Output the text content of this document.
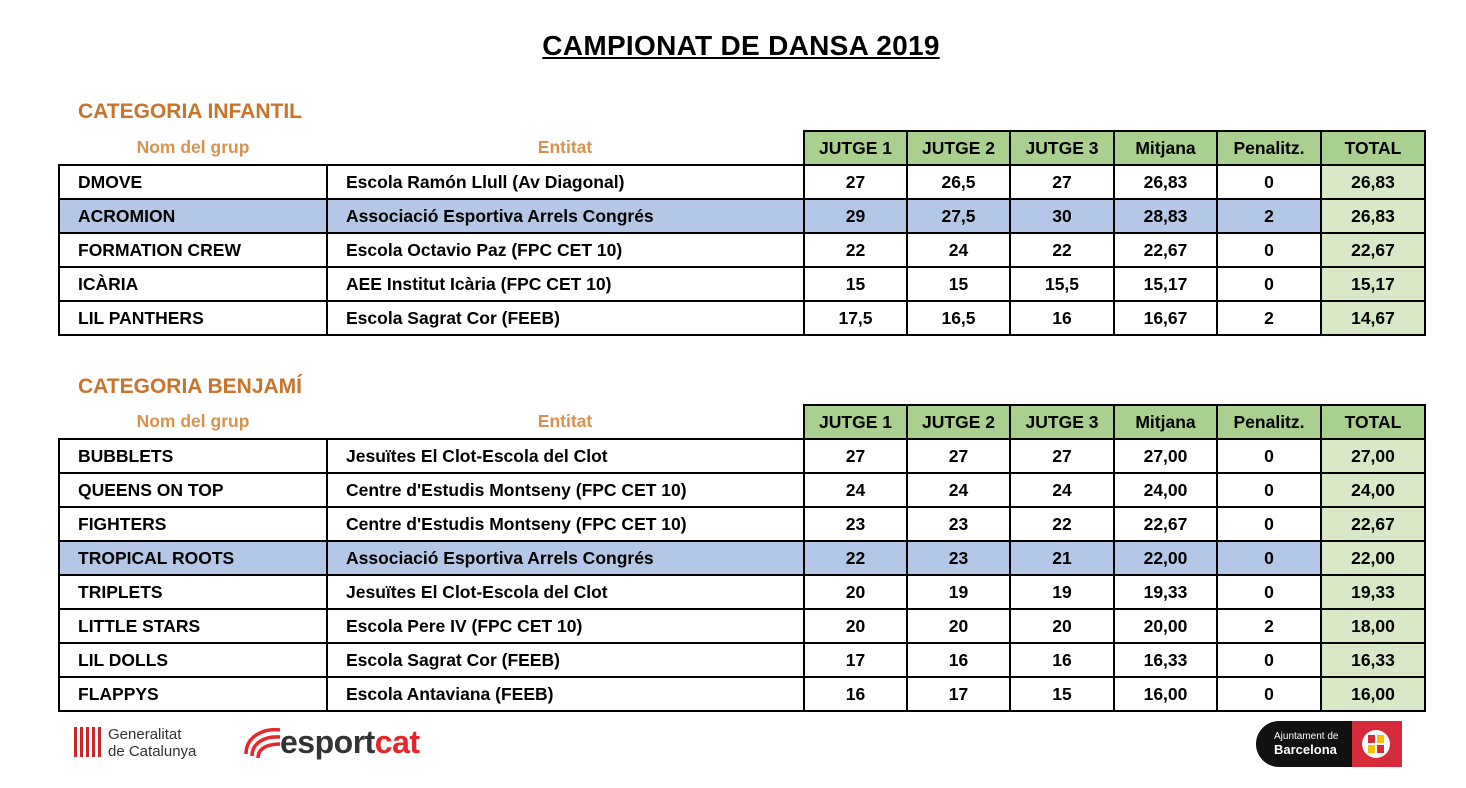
CAMPIONAT DE DANSA 2019
CATEGORIA INFANTIL
Nom del grup	Entitat	JUTGE 1	JUTGE 2	JUTGE 3	Mitjana	Penalitz.	TOTAL
DMOVE	Escola Ramón Llull (Av Diagonal)	27	26,5	27	26,83	0	26,83
ACROMION	Associació Esportiva Arrels Congrés	29	27,5	30	28,83	2	26,83
FORMATION CREW	Escola Octavio Paz (FPC CET 10)	22	24	22	22,67	0	22,67
ICÀRIA	AEE Institut Icària (FPC CET 10)	15	15	15,5	15,17	0	15,17
LIL PANTHERS	Escola Sagrat Cor (FEEB)	17,5	16,5	16	16,67	2	14,67
CATEGORIA BENJAMÍ
Nom del grup	Entitat	JUTGE 1	JUTGE 2	JUTGE 3	Mitjana	Penalitz.	TOTAL
BUBBLETS	Jesuïtes El Clot-Escola del Clot	27	27	27	27,00	0	27,00
QUEENS ON TOP	Centre d'Estudis Montseny (FPC CET 10)	24	24	24	24,00	0	24,00
FIGHTERS	Centre d'Estudis Montseny (FPC CET 10)	23	23	22	22,67	0	22,67
TROPICAL ROOTS	Associació Esportiva Arrels Congrés	22	23	21	22,00	0	22,00
TRIPLETS	Jesuïtes El Clot-Escola del Clot	20	19	19	19,33	0	19,33
LITTLE STARS	Escola Pere IV (FPC CET 10)	20	20	20	20,00	2	18,00
LIL DOLLS	Escola Sagrat Cor (FEEB)	17	16	16	16,33	0	16,33
FLAPPYS	Escola Antaviana (FEEB)	16	17	15	16,00	0	16,00
Generalitat
de Catalunya	esportcat	Ajuntament de
Barcelona
